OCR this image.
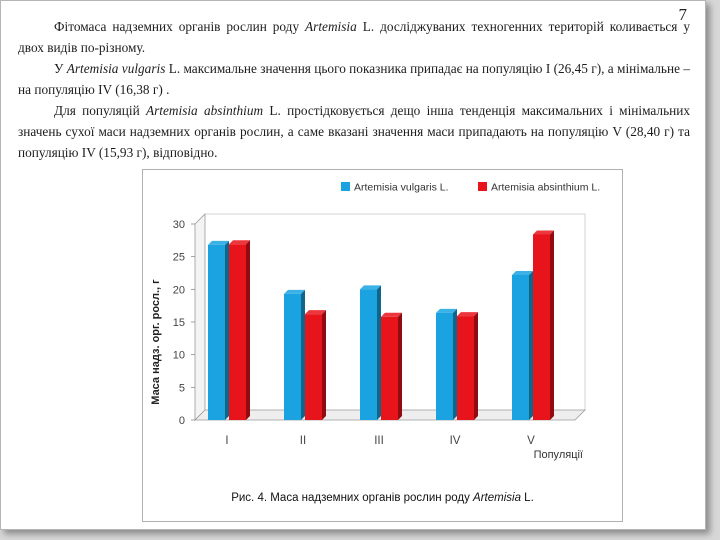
7

Фітомаса надземних органів рослин роду Artemisia L. досліджуваних техногенних територій коливається у двох видів по-різному.

У Artemisia vulgaris L. максимальне значення цього показника припадає на популяцію І (26,45 г), а мінімальне – на популяцію ІV (16,38 г) .

Для популяцій Artemisia absinthium L. простідковується дещо інша тенденція максимальних і мінімальних значень сухої маси надземних органів рослин, а саме вказані значення маси припадають на популяцію V (28,40 г) та популяцію ІV (15,93 г), відповідно.

0
5
10
15
20
25
30
Маса надз. орг. росл., г
I	II	III	IV	V
Популяції
Artemisia vulgaris L.	Artemisia absinthium L.
Рис. 4. Маса надземних органів рослин роду Artemisia L.
